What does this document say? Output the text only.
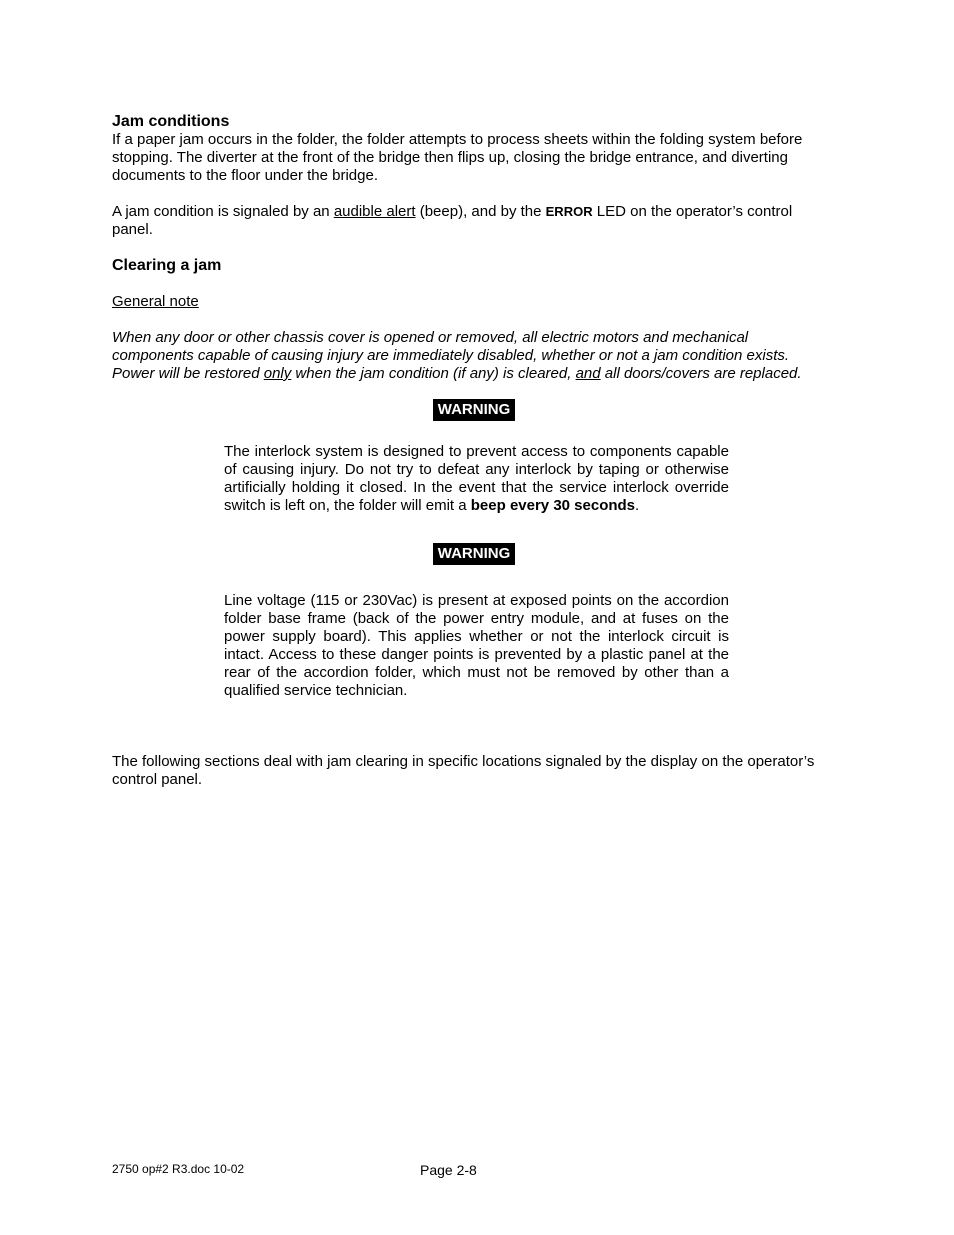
Jam conditions

If a paper jam occurs in the folder, the folder attempts to process sheets within the folding system before stopping. The diverter at the front of the bridge then flips up, closing the bridge entrance, and diverting documents to the floor under the bridge.

A jam condition is signaled by an audible alert (beep), and by the ERROR LED on the operator’s control panel.

Clearing a jam

General note

When any door or other chassis cover is opened or removed, all electric motors and mechanical components capable of causing injury are immediately disabled, whether or not a jam condition exists. Power will be restored only when the jam condition (if any) is cleared, and all doors/covers are replaced.

WARNING

The interlock system is designed to prevent access to components capable of causing injury. Do not try to defeat any interlock by taping or otherwise artificially holding it closed. In the event that the service interlock override switch is left on, the folder will emit a beep every 30 seconds.

WARNING

Line voltage (115 or 230Vac) is present at exposed points on the accordion folder base frame (back of the power entry module, and at fuses on the power supply board). This applies whether or not the interlock circuit is intact. Access to these danger points is prevented by a plastic panel at the rear of the accordion folder, which must not be removed by other than a qualified service technician.

The following sections deal with jam clearing in specific locations signaled by the display on the operator’s control panel.

2750 op#2 R3.doc 10-02	Page 2-8
